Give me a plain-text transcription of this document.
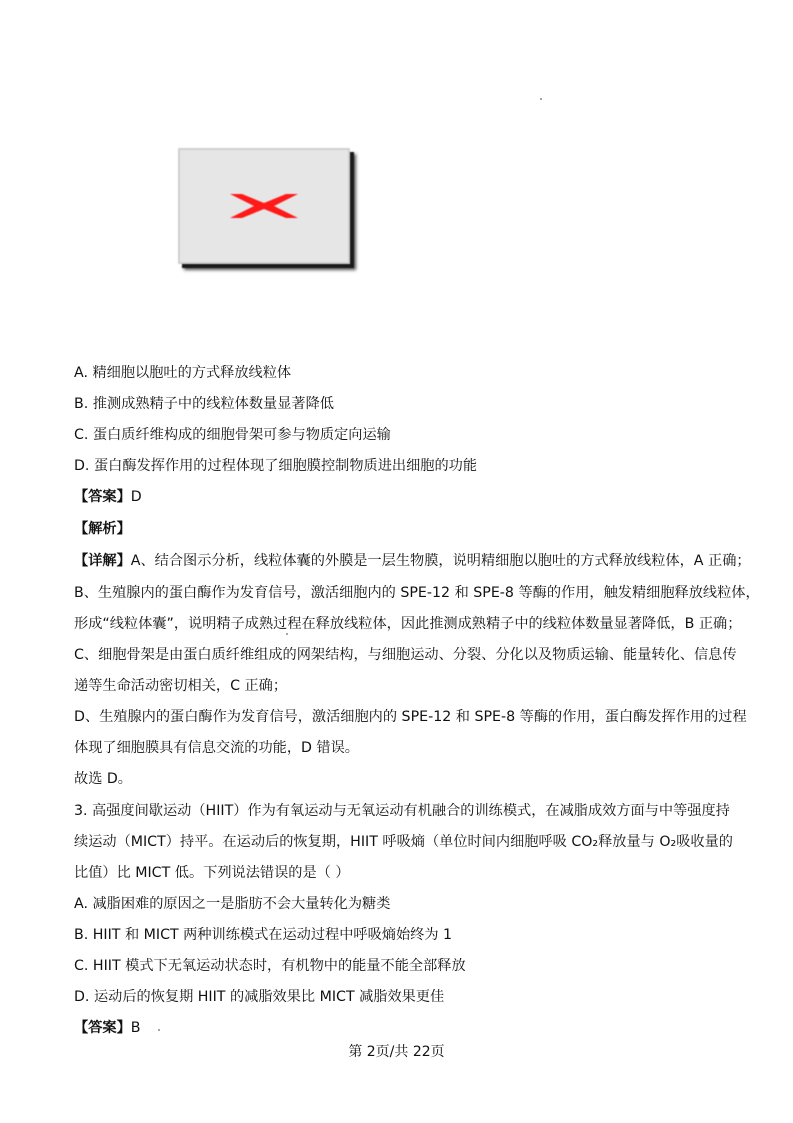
A. 精细胞以胞吐的方式释放线粒体
B. 推测成熟精子中的线粒体数量显著降低
C. 蛋白质纤维构成的细胞骨架可参与物质定向运输
D. 蛋白酶发挥作用的过程体现了细胞膜控制物质进出细胞的功能
【答案】D
【解析】
【详解】A、结合图示分析，线粒体囊的外膜是一层生物膜，说明精细胞以胞吐的方式释放线粒体，A 正确；
B、生殖腺内的蛋白酶作为发育信号，激活细胞内的 SPE-12 和 SPE-8 等酶的作用，触发精细胞释放线粒体，
形成“线粒体囊”，说明精子成熟过程在释放线粒体，因此推测成熟精子中的线粒体数量显著降低，B 正确；
C、细胞骨架是由蛋白质纤维组成的网架结构，与细胞运动、分裂、分化以及物质运输、能量转化、信息传
递等生命活动密切相关，C 正确；
D、生殖腺内的蛋白酶作为发育信号，激活细胞内的 SPE-12 和 SPE-8 等酶的作用，蛋白酶发挥作用的过程
体现了细胞膜具有信息交流的功能，D 错误。
故选 D。
3. 高强度间歇运动（HIIT）作为有氧运动与无氧运动有机融合的训练模式，在减脂成效方面与中等强度持
续运动（MICT）持平。在运动后的恢复期，HIIT 呼吸熵（单位时间内细胞呼吸 CO₂释放量与 O₂吸收量的
比值）比 MICT 低。下列说法错误的是（ ）
A. 减脂困难的原因之一是脂肪不会大量转化为糖类
B. HIIT 和 MICT 两种训练模式在运动过程中呼吸熵始终为 1
C. HIIT 模式下无氧运动状态时，有机物中的能量不能全部释放
D. 运动后的恢复期 HIIT 的减脂效果比 MICT 减脂效果更佳
【答案】B
第 2页/共 22页
